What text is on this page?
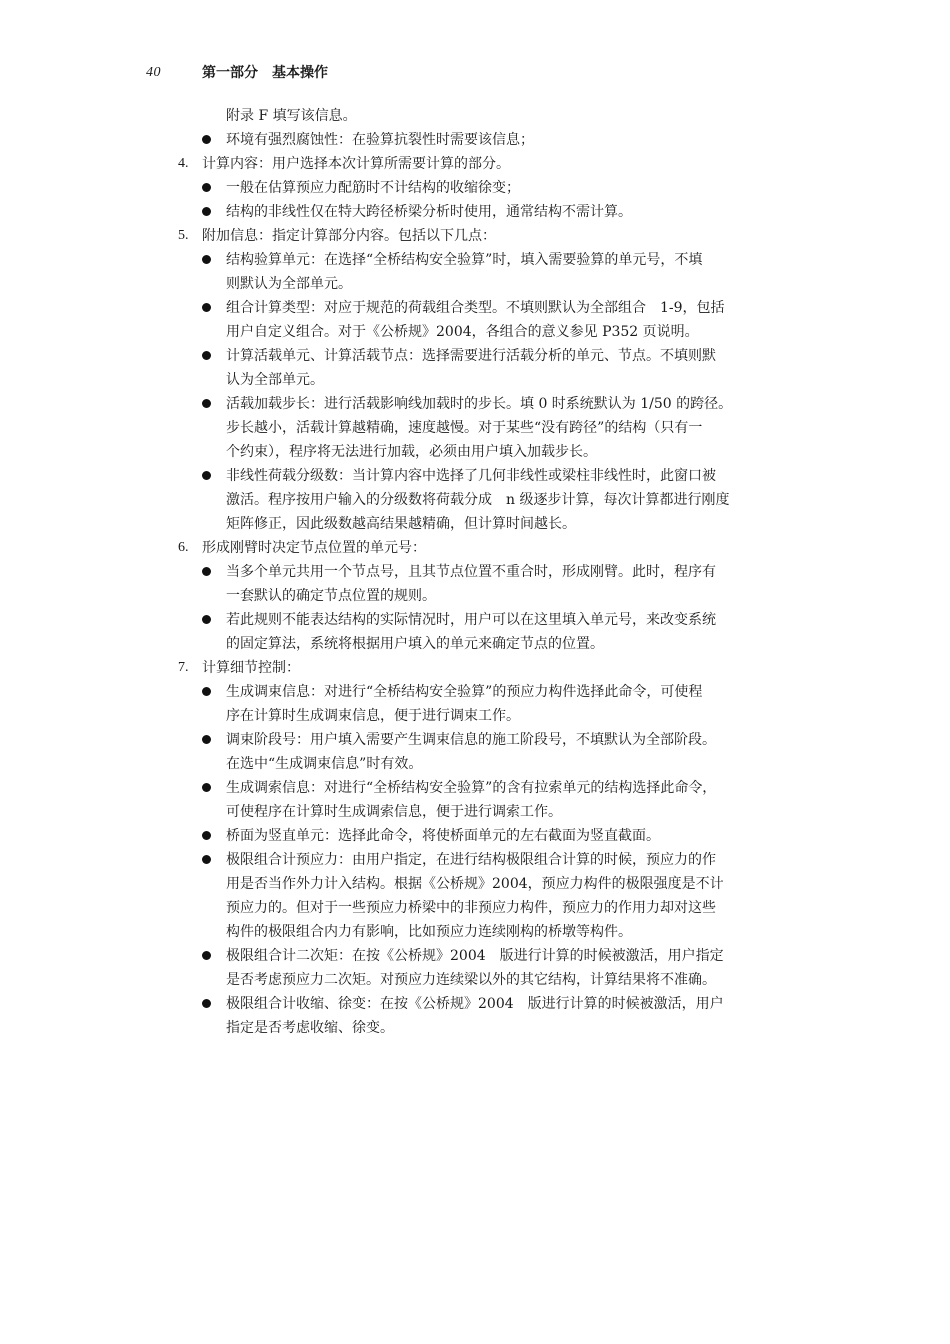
40	第一部分　基本操作
附录 F 填写该信息。
环境有强烈腐蚀性：在验算抗裂性时需要该信息；
4. 计算内容：用户选择本次计算所需要计算的部分。
一般在估算预应力配筋时不计结构的收缩徐变；
结构的非线性仅在特大跨径桥梁分析时使用，通常结构不需计算。
5. 附加信息：指定计算部分内容。包括以下几点：
结构验算单元：在选择“全桥结构安全验算”时，填入需要验算的单元号，不填
则默认为全部单元。
组合计算类型：对应于规范的荷载组合类型。不填则默认为全部组合　1-9，包括
用户自定义组合。对于《公桥规》2004，各组合的意义参见 P352 页说明。
计算活载单元、计算活载节点：选择需要进行活载分析的单元、节点。不填则默
认为全部单元。
活载加载步长：进行活载影响线加载时的步长。填 0 时系统默认为 1/50 的跨径。
步长越小，活载计算越精确，速度越慢。对于某些“没有跨径”的结构（只有一
个约束），程序将无法进行加载，必须由用户填入加载步长。
非线性荷载分级数：当计算内容中选择了几何非线性或梁柱非线性时，此窗口被
激活。程序按用户输入的分级数将荷载分成　n 级逐步计算，每次计算都进行刚度
矩阵修正，因此级数越高结果越精确，但计算时间越长。
6. 形成刚臂时决定节点位置的单元号：
当多个单元共用一个节点号，且其节点位置不重合时，形成刚臂。此时，程序有
一套默认的确定节点位置的规则。
若此规则不能表达结构的实际情况时，用户可以在这里填入单元号，来改变系统
的固定算法，系统将根据用户填入的单元来确定节点的位置。
7. 计算细节控制：
生成调束信息：对进行“全桥结构安全验算”的预应力构件选择此命令，可使程
序在计算时生成调束信息，便于进行调束工作。
调束阶段号：用户填入需要产生调束信息的施工阶段号，不填默认为全部阶段。
在选中“生成调束信息”时有效。
生成调索信息：对进行“全桥结构安全验算”的含有拉索单元的结构选择此命令，
可使程序在计算时生成调索信息，便于进行调索工作。
桥面为竖直单元：选择此命令，将使桥面单元的左右截面为竖直截面。
极限组合计预应力：由用户指定，在进行结构极限组合计算的时候，预应力的作
用是否当作外力计入结构。根据《公桥规》2004，预应力构件的极限强度是不计
预应力的。但对于一些预应力桥梁中的非预应力构件，预应力的作用力却对这些
构件的极限组合内力有影响，比如预应力连续刚构的桥墩等构件。
极限组合计二次矩：在按《公桥规》2004　版进行计算的时候被激活，用户指定
是否考虑预应力二次矩。对预应力连续梁以外的其它结构，计算结果将不准确。
极限组合计收缩、徐变：在按《公桥规》2004　版进行计算的时候被激活，用户
指定是否考虑收缩、徐变。
